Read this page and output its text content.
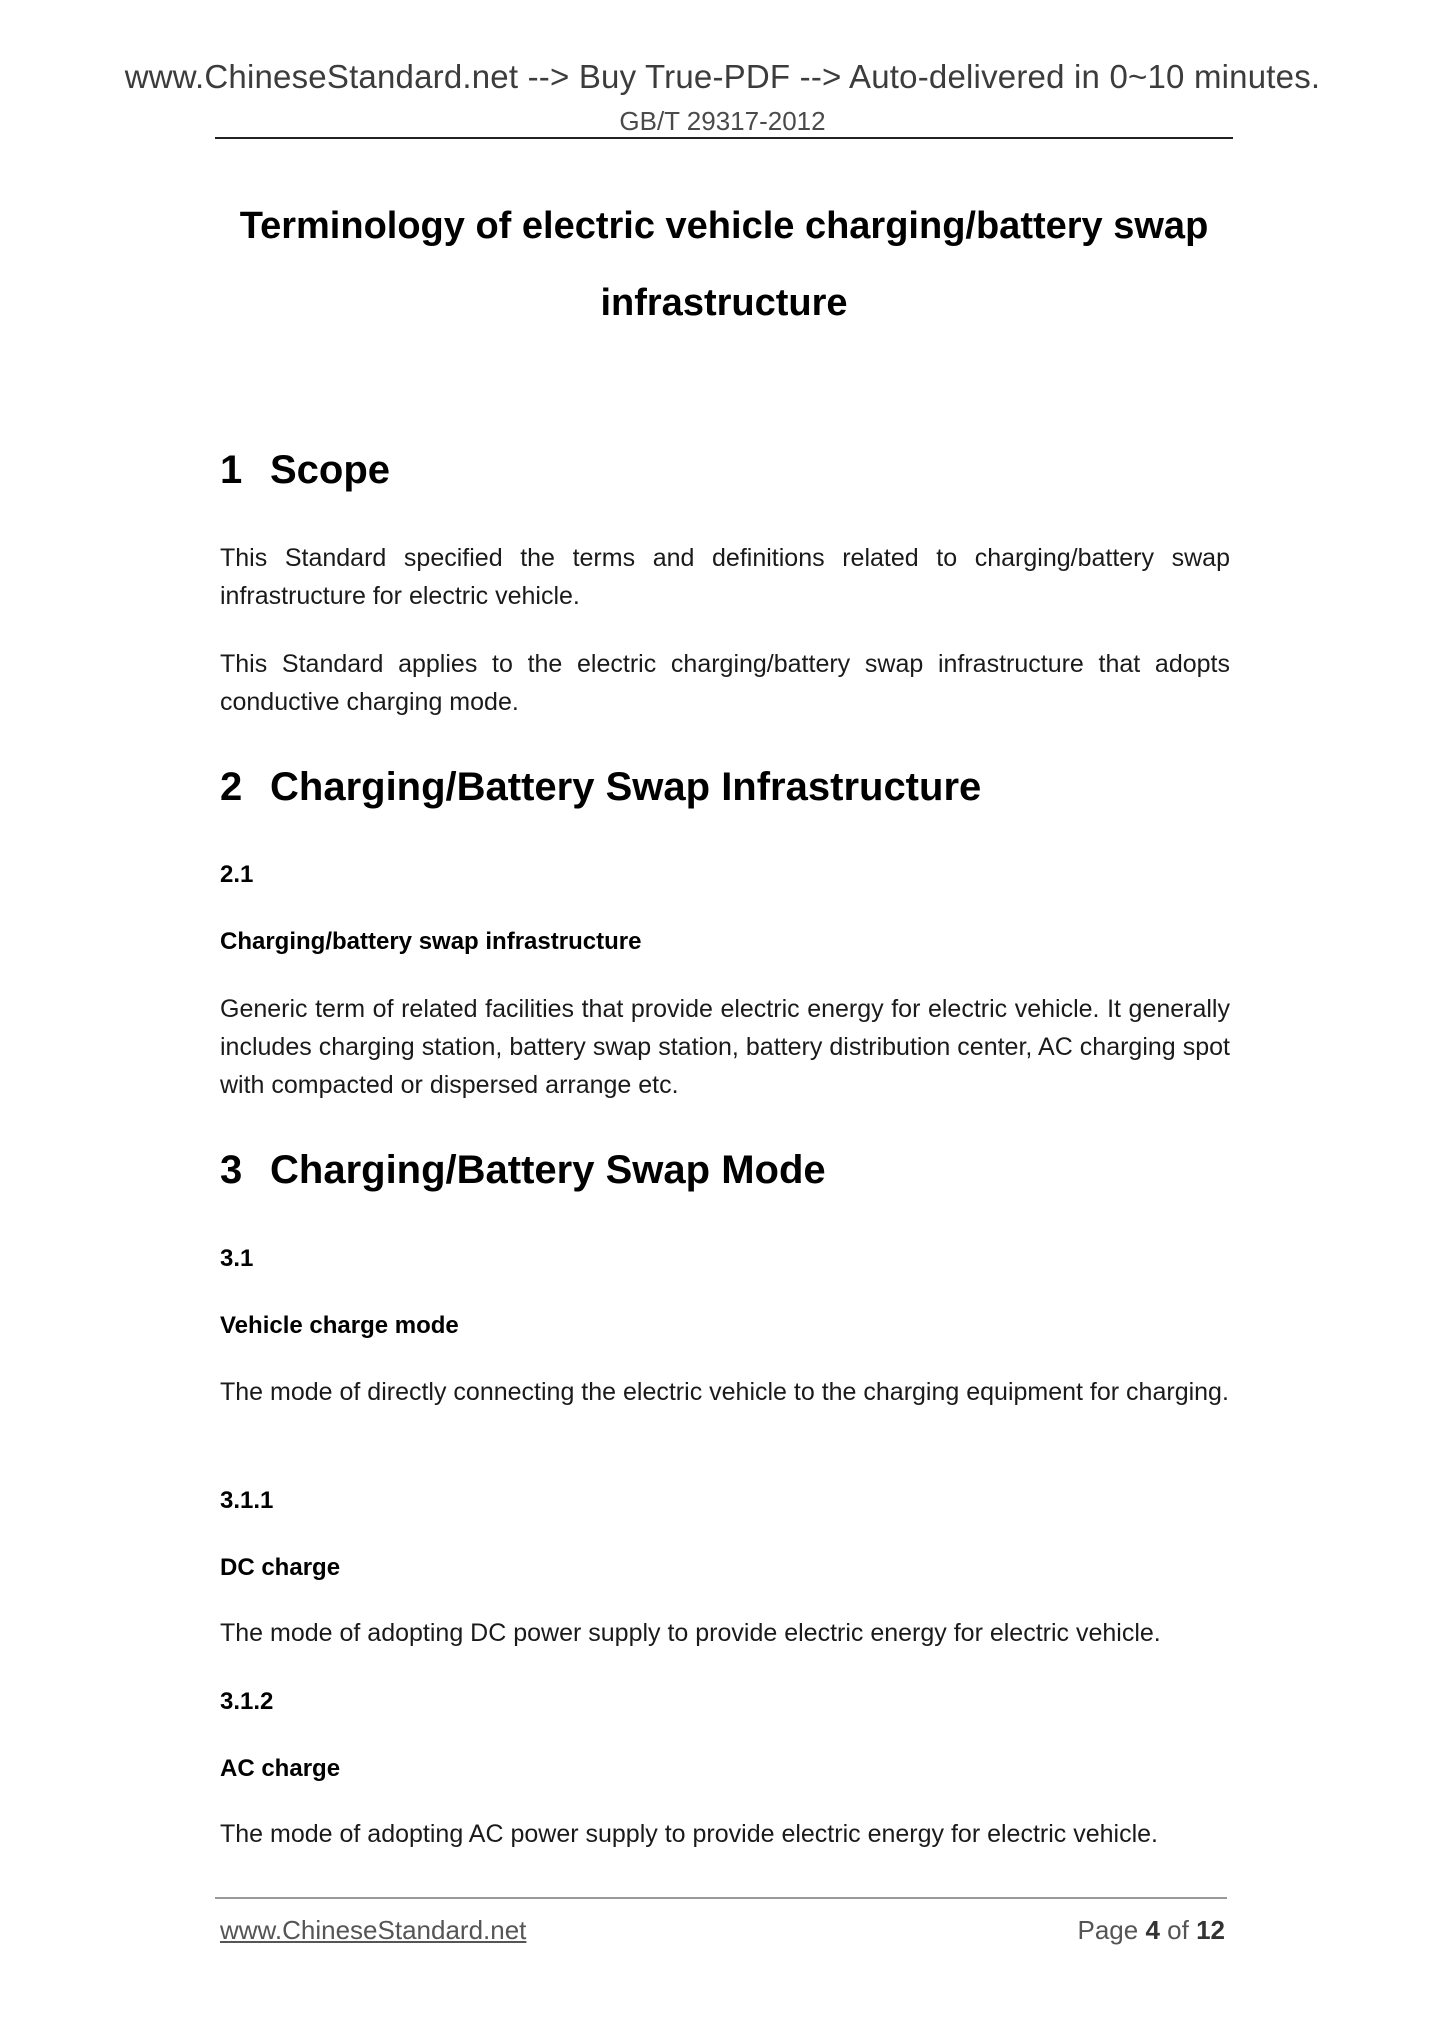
www.ChineseStandard.net --> Buy True-PDF --> Auto-delivered in 0~10 minutes.
GB/T 29317-2012
Terminology of electric vehicle charging/battery swap
infrastructure
1 Scope
This Standard specified the terms and definitions related to charging/battery swap infrastructure for electric vehicle.
This Standard applies to the electric charging/battery swap infrastructure that adopts conductive charging mode.
2 Charging/Battery Swap Infrastructure
2.1
Charging/battery swap infrastructure
Generic term of related facilities that provide electric energy for electric vehicle. It generally includes charging station, battery swap station, battery distribution center, AC charging spot with compacted or dispersed arrange etc.
3 Charging/Battery Swap Mode
3.1
Vehicle charge mode
The mode of directly connecting the electric vehicle to the charging equipment for charging.
3.1.1
DC charge
The mode of adopting DC power supply to provide electric energy for electric vehicle.
3.1.2
AC charge
The mode of adopting AC power supply to provide electric energy for electric vehicle.
www.ChineseStandard.net	Page 4 of 12
